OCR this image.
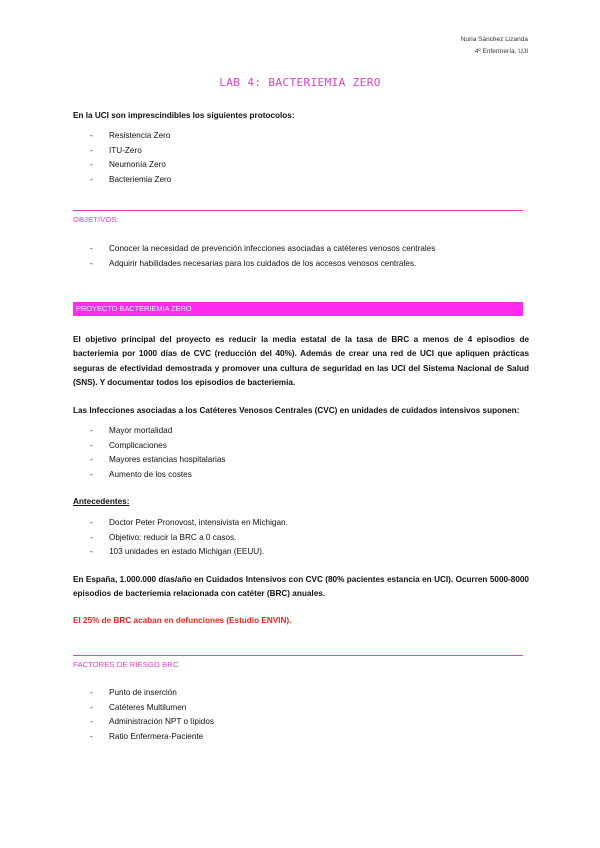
Nuria Sánchez Lizanda
4º Enfermería, UJI
LAB 4: BACTERIEMIA ZERO
En la UCI son imprescindibles los siguientes protocolos:
- Resistencia Zero
- ITU-Zero
- Neumonía Zero
- Bacteriemia Zero
OBJETIVOS:
- Conocer la necesidad de prevención infecciones asociadas a catéteres venosos centrales
- Adquirir habilidades necesarias para los cuidados de los accesos venosos centrales.
PROYECTO BACTERIEMIA ZERO
El objetivo principal del proyecto es reducir la media estatal de la tasa de BRC a menos de 4 episodios de bacteriemia por 1000 días de CVC (reducción del 40%). Además de crear una red de UCI que apliquen prácticas seguras de efectividad demostrada y promover una cultura de seguridad en las UCI del Sistema Nacional de Salud (SNS). Y documentar todos los episodios de bacteriemia.
Las Infecciones asociadas a los Catéteres Venosos Centrales (CVC) en unidades de cuidados intensivos suponen:
- Mayor mortalidad
- Complicaciones
- Mayores estancias hospitalarias
- Aumento de los costes
Antecedentes:
- Doctor Peter Pronovost, intensivista en Michigan.
- Objetivo: reducir la BRC a 0 casos.
- 103 unidades en estado Michigan (EEUU).
En España, 1.000.000 días/año en Cuidados Intensivos con CVC (80% pacientes estancia en UCI). Ocurren 5000-8000 episodios de bacteriemia relacionada con catéter (BRC) anuales.
El 25% de BRC acaban en defunciones (Estudio ENVIN).
FACTORES DE RIESGO BRC
- Punto de inserción
- Catéteres Multilumen
- Administración NPT o lípidos
- Ratio Enfermera-Paciente
